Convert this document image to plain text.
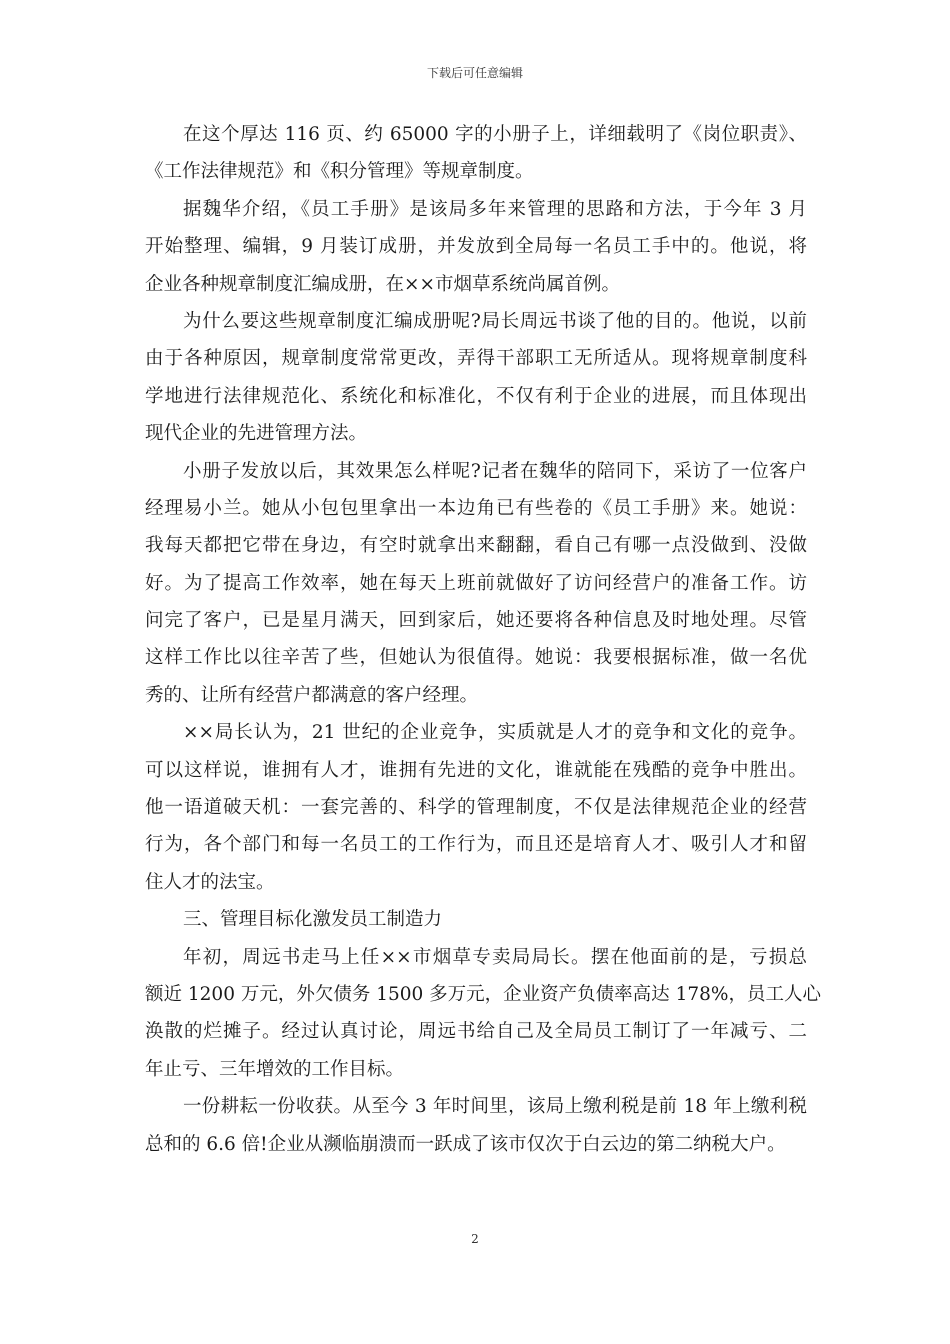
下载后可任意编辑
在这个厚达 116 页、约 65000 字的小册子上，详细载明了《岗位职责》、
《工作法律规范》和《积分管理》等规章制度。
据魏华介绍，《员工手册》是该局多年来管理的思路和方法，于今年 3 月
开始整理、编辑，9 月装订成册，并发放到全局每一名员工手中的。他说，将
企业各种规章制度汇编成册，在××市烟草系统尚属首例。
为什么要这些规章制度汇编成册呢?局长周远书谈了他的目的。他说，以前
由于各种原因，规章制度常常更改，弄得干部职工无所适从。现将规章制度科
学地进行法律规范化、系统化和标准化，不仅有利于企业的进展，而且体现出
现代企业的先进管理方法。
小册子发放以后，其效果怎么样呢?记者在魏华的陪同下，采访了一位客户
经理易小兰。她从小包包里拿出一本边角已有些卷的《员工手册》来。她说：
我每天都把它带在身边，有空时就拿出来翻翻，看自己有哪一点没做到、没做
好。为了提高工作效率，她在每天上班前就做好了访问经营户的准备工作。访
问完了客户，已是星月满天，回到家后，她还要将各种信息及时地处理。尽管
这样工作比以往辛苦了些，但她认为很值得。她说：我要根据标准，做一名优
秀的、让所有经营户都满意的客户经理。
××局长认为，21 世纪的企业竞争，实质就是人才的竞争和文化的竞争。
可以这样说，谁拥有人才，谁拥有先进的文化，谁就能在残酷的竞争中胜出。
他一语道破天机：一套完善的、科学的管理制度，不仅是法律规范企业的经营
行为，各个部门和每一名员工的工作行为，而且还是培育人才、吸引人才和留
住人才的法宝。
三、管理目标化激发员工制造力
年初，周远书走马上任××市烟草专卖局局长。摆在他面前的是，亏损总
额近 1200 万元，外欠债务 1500 多万元，企业资产负债率高达 178%，员工人心
涣散的烂摊子。经过认真讨论，周远书给自己及全局员工制订了一年减亏、二
年止亏、三年增效的工作目标。
一份耕耘一份收获。从至今 3 年时间里，该局上缴利税是前 18 年上缴利税
总和的 6.6 倍!企业从濒临崩溃而一跃成了该市仅次于白云边的第二纳税大户。
2
